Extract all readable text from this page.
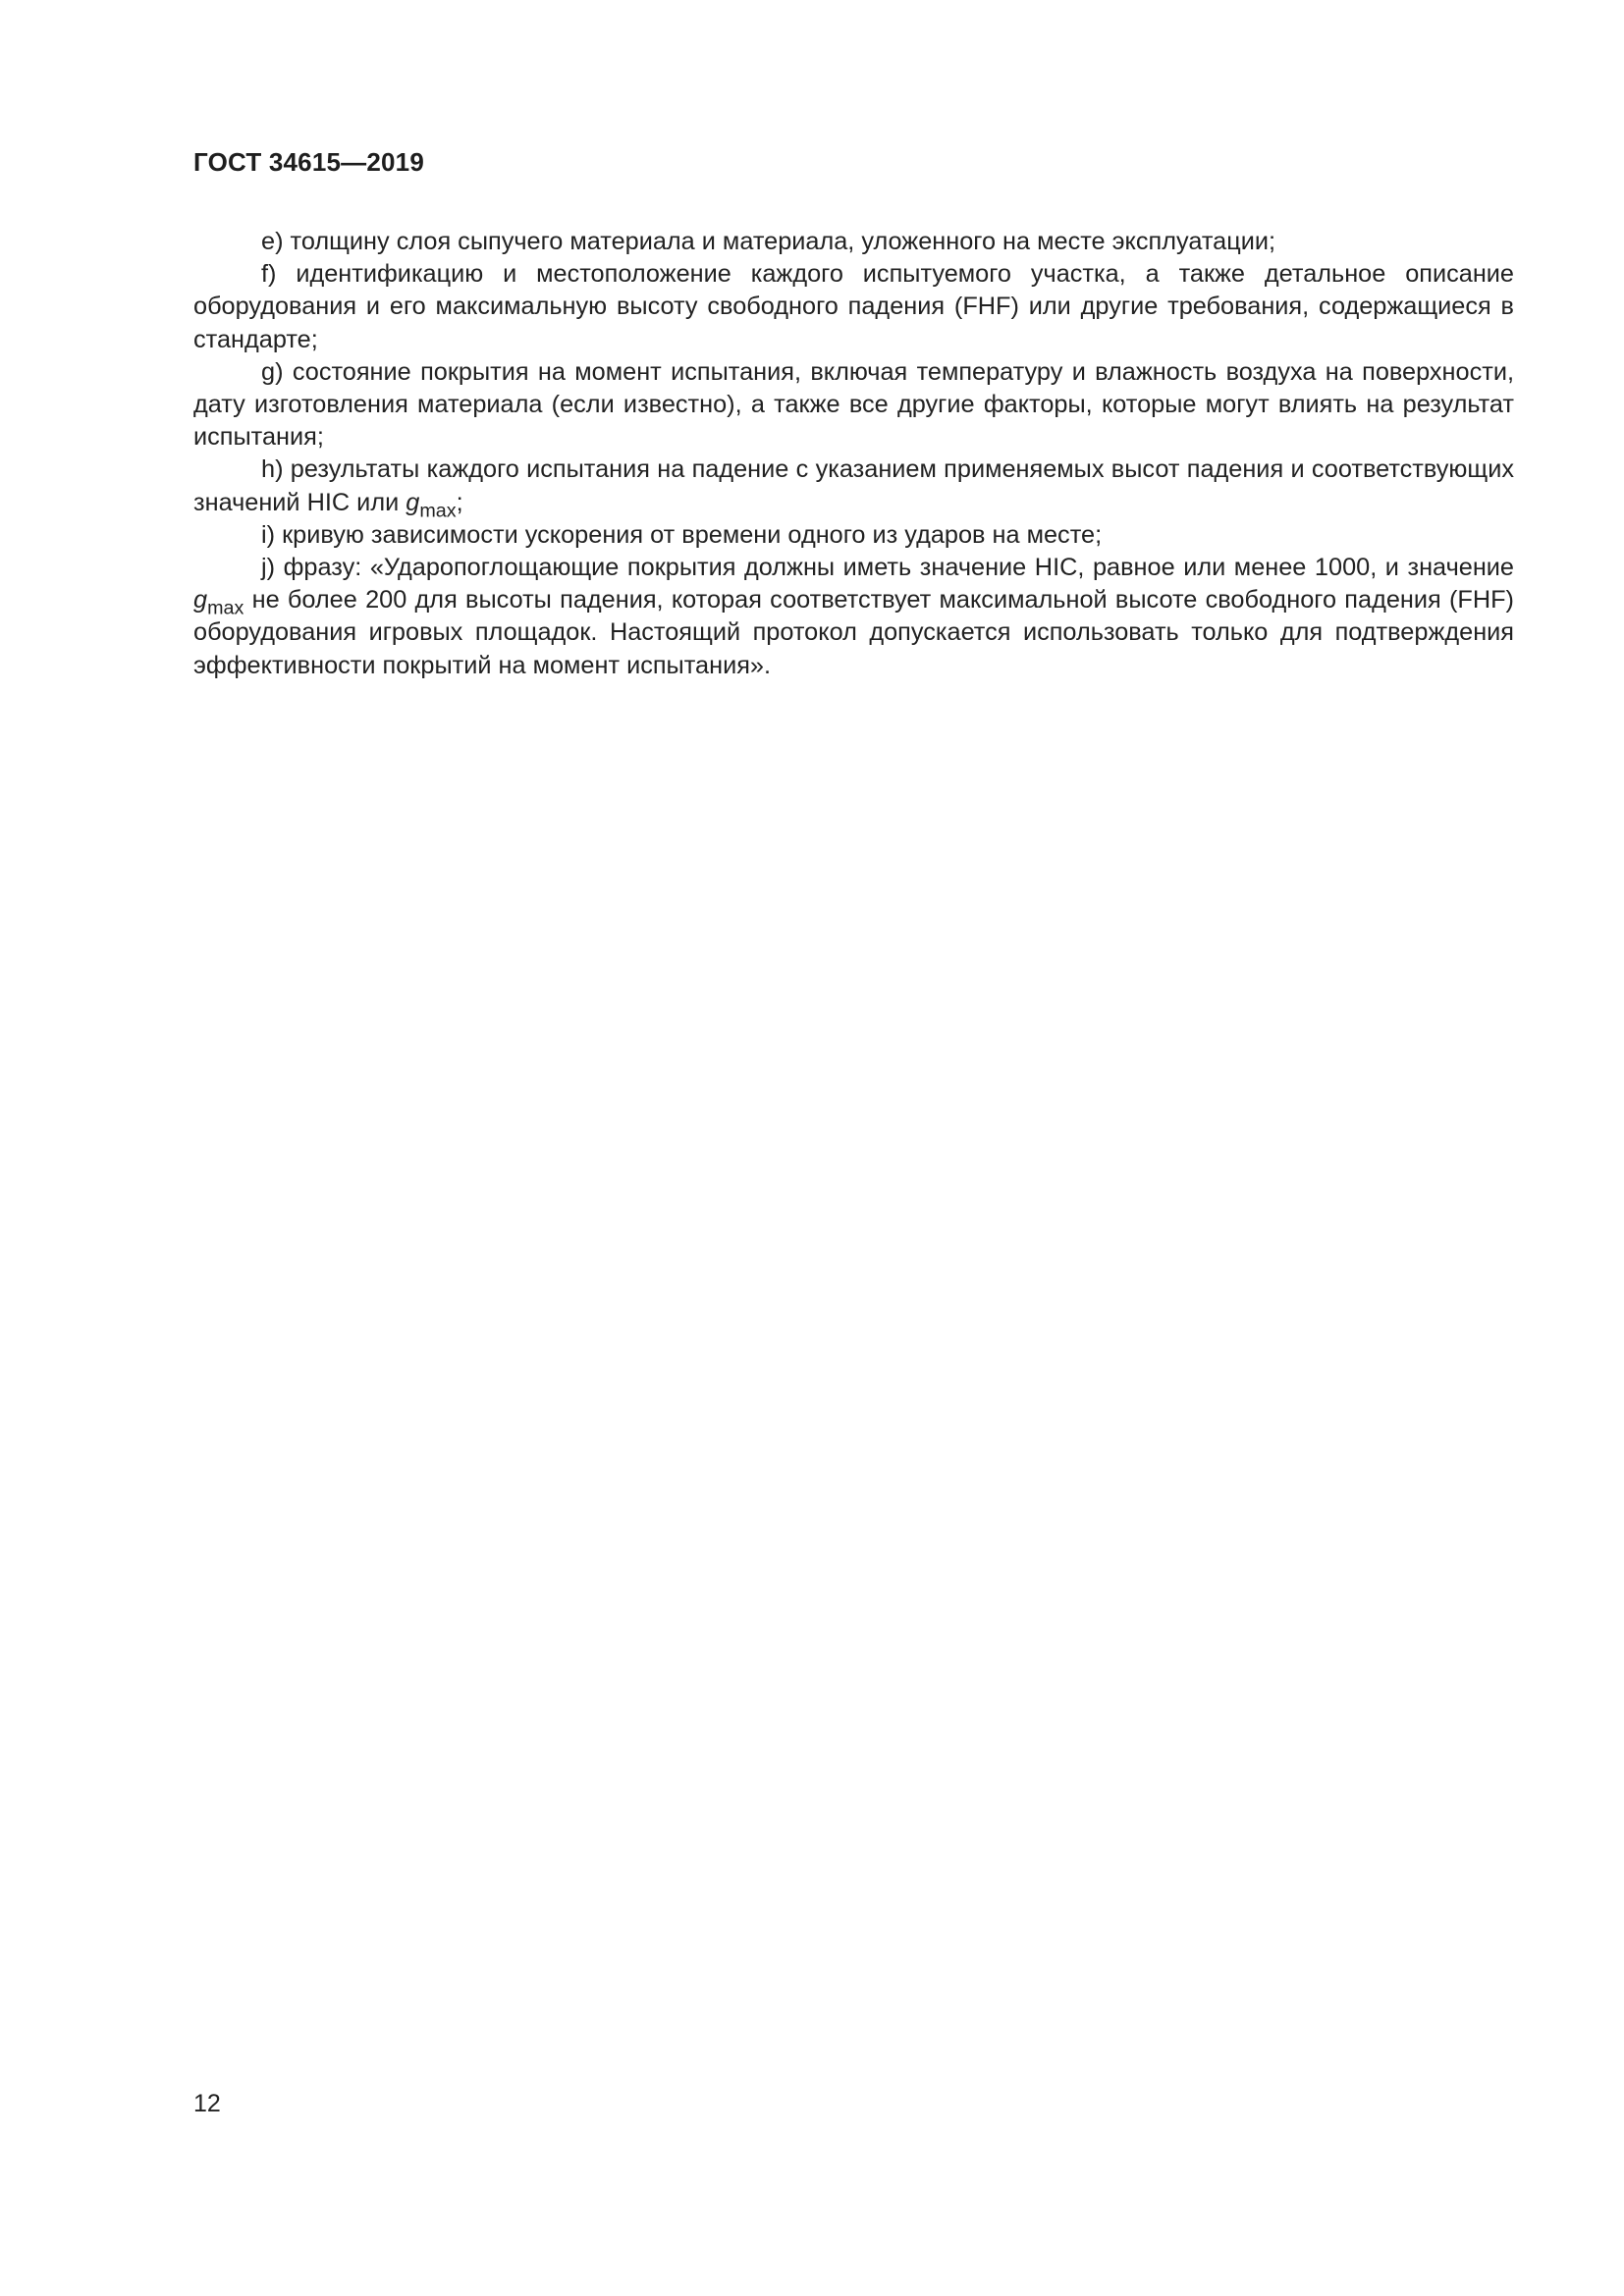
ГОСТ 34615—2019

е) толщину слоя сыпучего материала и материала, уложенного на месте эксплуатации;

f) идентификацию и местоположение каждого испытуемого участка, а также детальное описание оборудования и его максимальную высоту свободного падения (FHF) или другие требования, содержащиеся в стандарте;

g) состояние покрытия на момент испытания, включая температуру и влажность воздуха на поверхности, дату изготовления материала (если известно), а также все другие факторы, которые могут влиять на результат испытания;

h) результаты каждого испытания на падение с указанием применяемых высот падения и соответствующих значений HIC или $g_{max}$;

i) кривую зависимости ускорения от времени одного из ударов на месте;

j) фразу: «Ударопоглощающие покрытия должны иметь значение HIC, равное или менее 1000, и значение $g_{max}$ не более 200 для высоты падения, которая соответствует максимальной высоте свободного падения (FHF) оборудования игровых площадок. Настоящий протокол допускается использовать только для подтверждения эффективности покрытий на момент испытания».

12
